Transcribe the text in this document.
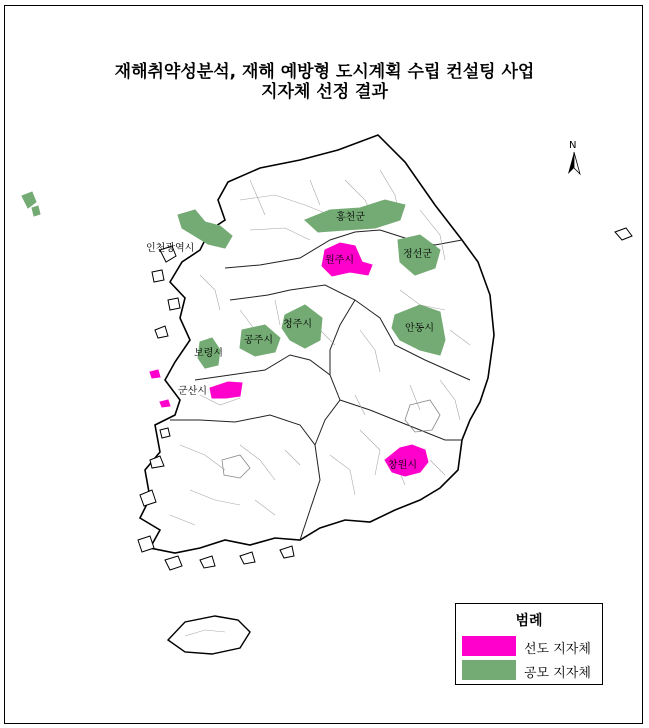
재해취약성분석, 재해 예방형 도시계획 수립 컨설팅 사업
지자체 선정 결과
홍천군
정선군
원주시
인천광역시
청주시
공주시
안동시
보령시
군산시
창원시
N
범례
선도 지자체
공모 지자체
